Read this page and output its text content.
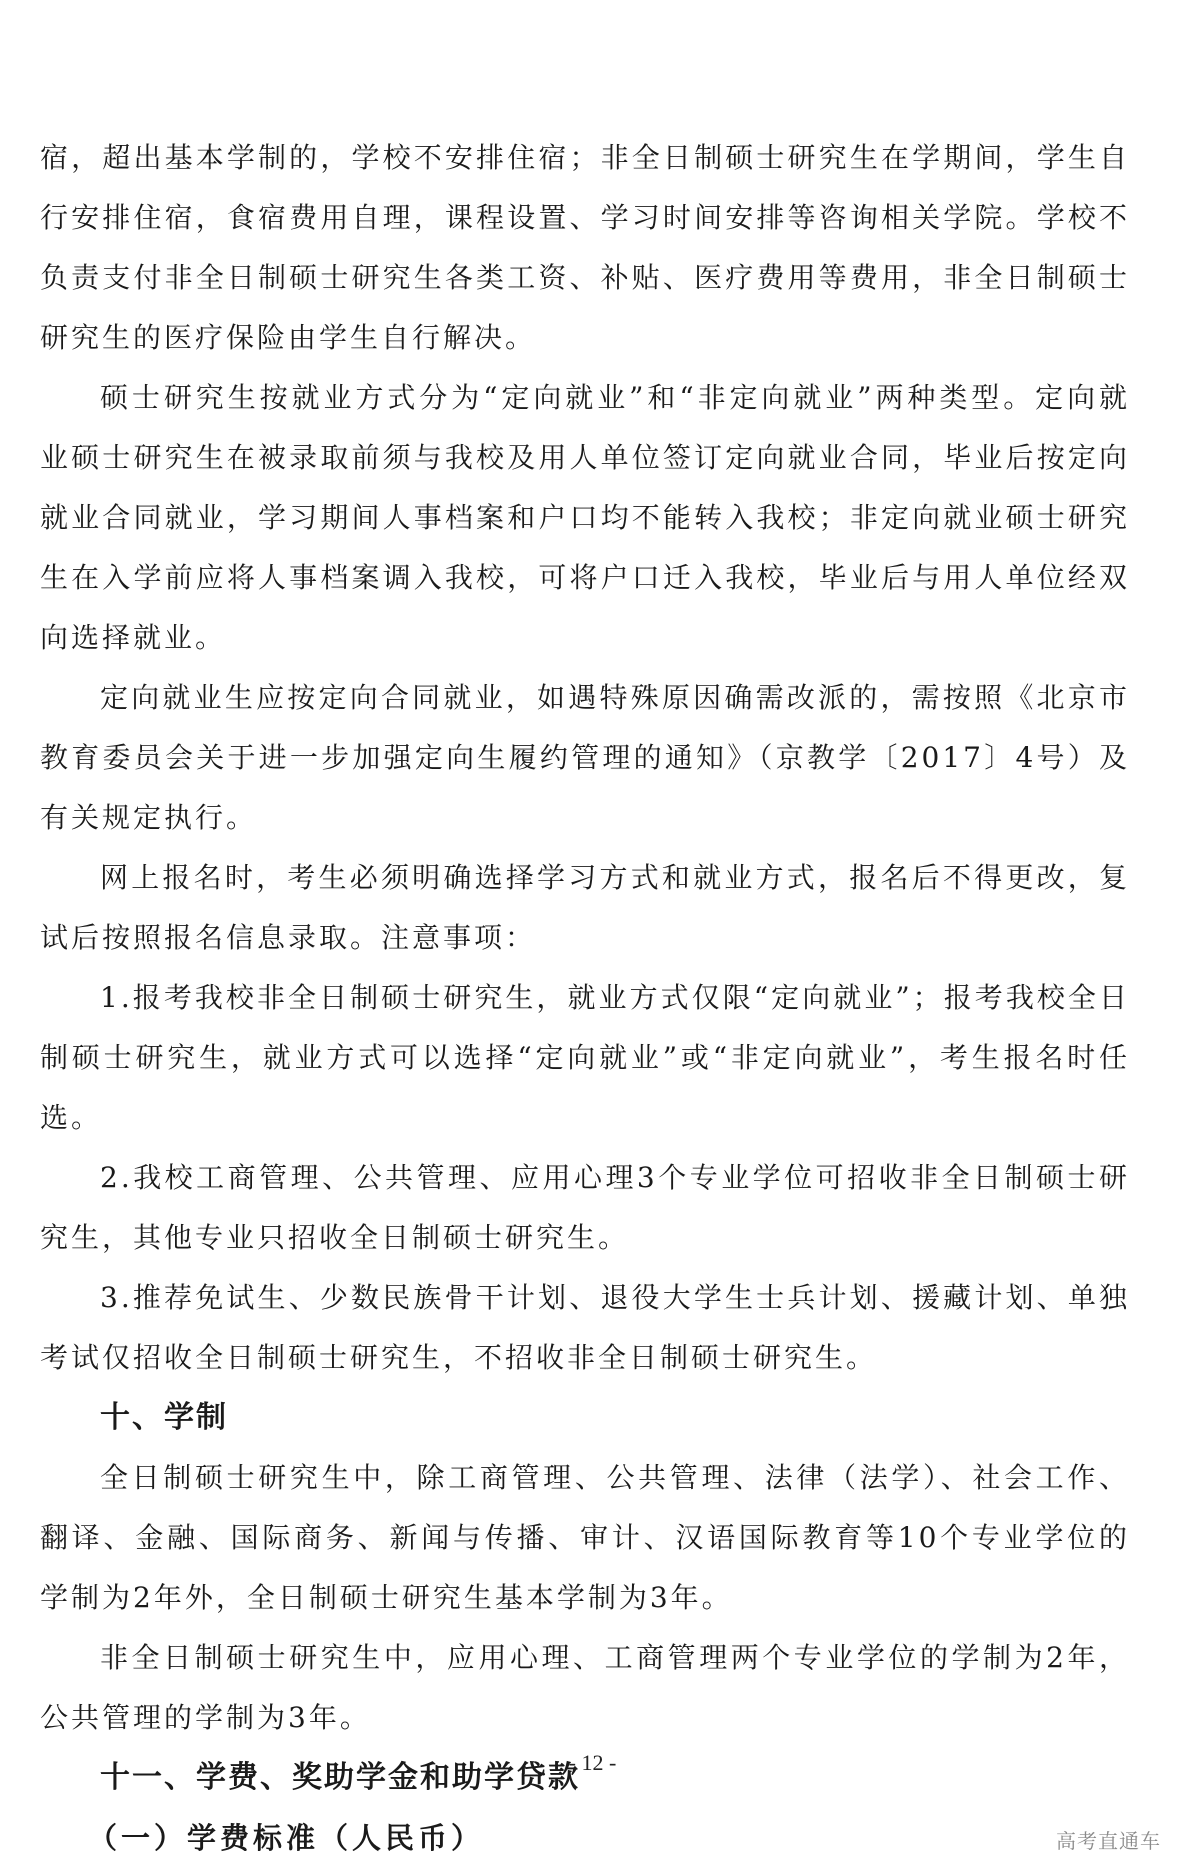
宿，超出基本学制的，学校不安排住宿；非全日制硕士研究生在学期间，学生自行安排住宿，食宿费用自理，课程设置、学习时间安排等咨询相关学院。学校不负责支付非全日制硕士研究生各类工资、补贴、医疗费用等费用，非全日制硕士研究生的医疗保险由学生自行解决。

硕士研究生按就业方式分为“定向就业”和“非定向就业”两种类型。定向就业硕士研究生在被录取前须与我校及用人单位签订定向就业合同，毕业后按定向就业合同就业，学习期间人事档案和户口均不能转入我校；非定向就业硕士研究生在入学前应将人事档案调入我校，可将户口迁入我校，毕业后与用人单位经双向选择就业。

定向就业生应按定向合同就业，如遇特殊原因确需改派的，需按照《北京市教育委员会关于进一步加强定向生履约管理的通知》（京教学〔2017〕4号）及有关规定执行。

网上报名时，考生必须明确选择学习方式和就业方式，报名后不得更改，复试后按照报名信息录取。注意事项：

1.报考我校非全日制硕士研究生，就业方式仅限“定向就业”；报考我校全日制硕士研究生，就业方式可以选择“定向就业”或“非定向就业”，考生报名时任选。

2.我校工商管理、公共管理、应用心理3个专业学位可招收非全日制硕士研究生，其他专业只招收全日制硕士研究生。

3.推荐免试生、少数民族骨干计划、退役大学生士兵计划、援藏计划、单独考试仅招收全日制硕士研究生，不招收非全日制硕士研究生。

十、学制

全日制硕士研究生中，除工商管理、公共管理、法律（法学）、社会工作、翻译、金融、国际商务、新闻与传播、审计、汉语国际教育等10个专业学位的学制为2年外，全日制硕士研究生基本学制为3年。

非全日制硕士研究生中，应用心理、工商管理两个专业学位的学制为2年，公共管理的学制为3年。

十一、学费、奖助学金和助学贷款

（一）学费标准（人民币）

- 12 -
高考直通车
